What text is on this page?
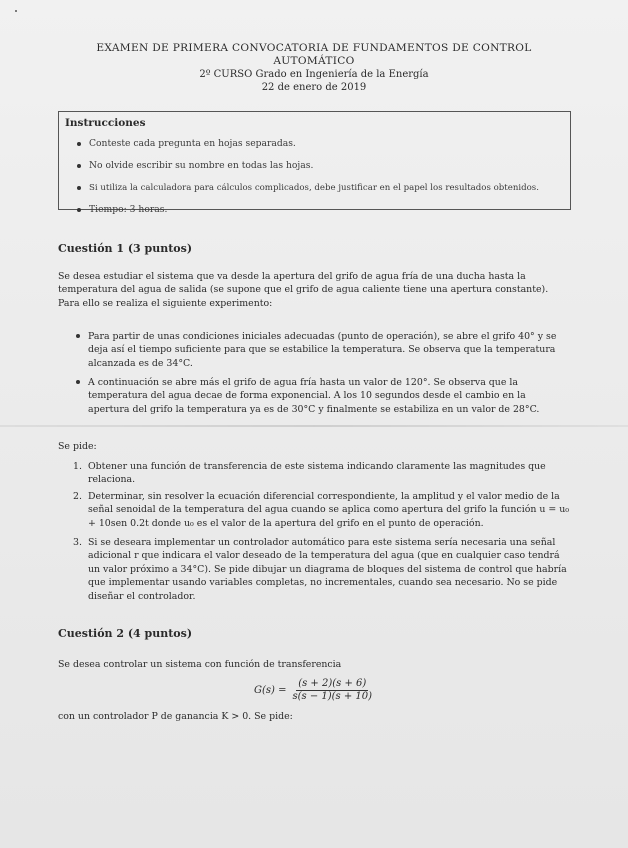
EXAMEN DE PRIMERA CONVOCATORIA DE FUNDAMENTOS DE CONTROL
AUTOMÁTICO
2º CURSO Grado en Ingeniería de la Energía
22 de enero de 2019
Instrucciones
Conteste cada pregunta en hojas separadas.
No olvide escribir su nombre en todas las hojas.
Si utiliza la calculadora para cálculos complicados, debe justificar en el papel los resultados obtenidos.
Tiempo: 3 horas.
Cuestión 1 (3 puntos)
Se desea estudiar el sistema que va desde la apertura del grifo de agua fría de una ducha hasta la temperatura del agua de salida (se supone que el grifo de agua caliente tiene una apertura constante). Para ello se realiza el siguiente experimento:
Para partir de unas condiciones iniciales adecuadas (punto de operación), se abre el grifo 40° y se deja así el tiempo suficiente para que se estabilice la temperatura. Se observa que la temperatura alcanzada es de 34°C.
A continuación se abre más el grifo de agua fría hasta un valor de 120°. Se observa que la temperatura del agua decae de forma exponencial. A los 10 segundos desde el cambio en la apertura del grifo la temperatura ya es de 30°C y finalmente se estabiliza en un valor de 28°C.
Se pide:
1. Obtener una función de transferencia de este sistema indicando claramente las magnitudes que relaciona.
2. Determinar, sin resolver la ecuación diferencial correspondiente, la amplitud y el valor medio de la señal senoidal de la temperatura del agua cuando se aplica como apertura del grifo la función u = u₀ + 10sen 0.2t donde u₀ es el valor de la apertura del grifo en el punto de operación.
3. Si se deseara implementar un controlador automático para este sistema sería necesaria una señal adicional r que indicara el valor deseado de la temperatura del agua (que en cualquier caso tendrá un valor próximo a 34°C). Se pide dibujar un diagrama de bloques del sistema de control que habría que implementar usando variables completas, no incrementales, cuando sea necesario. No se pide diseñar el controlador.
Cuestión 2 (4 puntos)
Se desea controlar un sistema con función de transferencia
$G(s) = \frac{(s + 2)(s + 6)}{s(s - 1)(s + 10)}$
con un controlador P de ganancia K > 0. Se pide:
